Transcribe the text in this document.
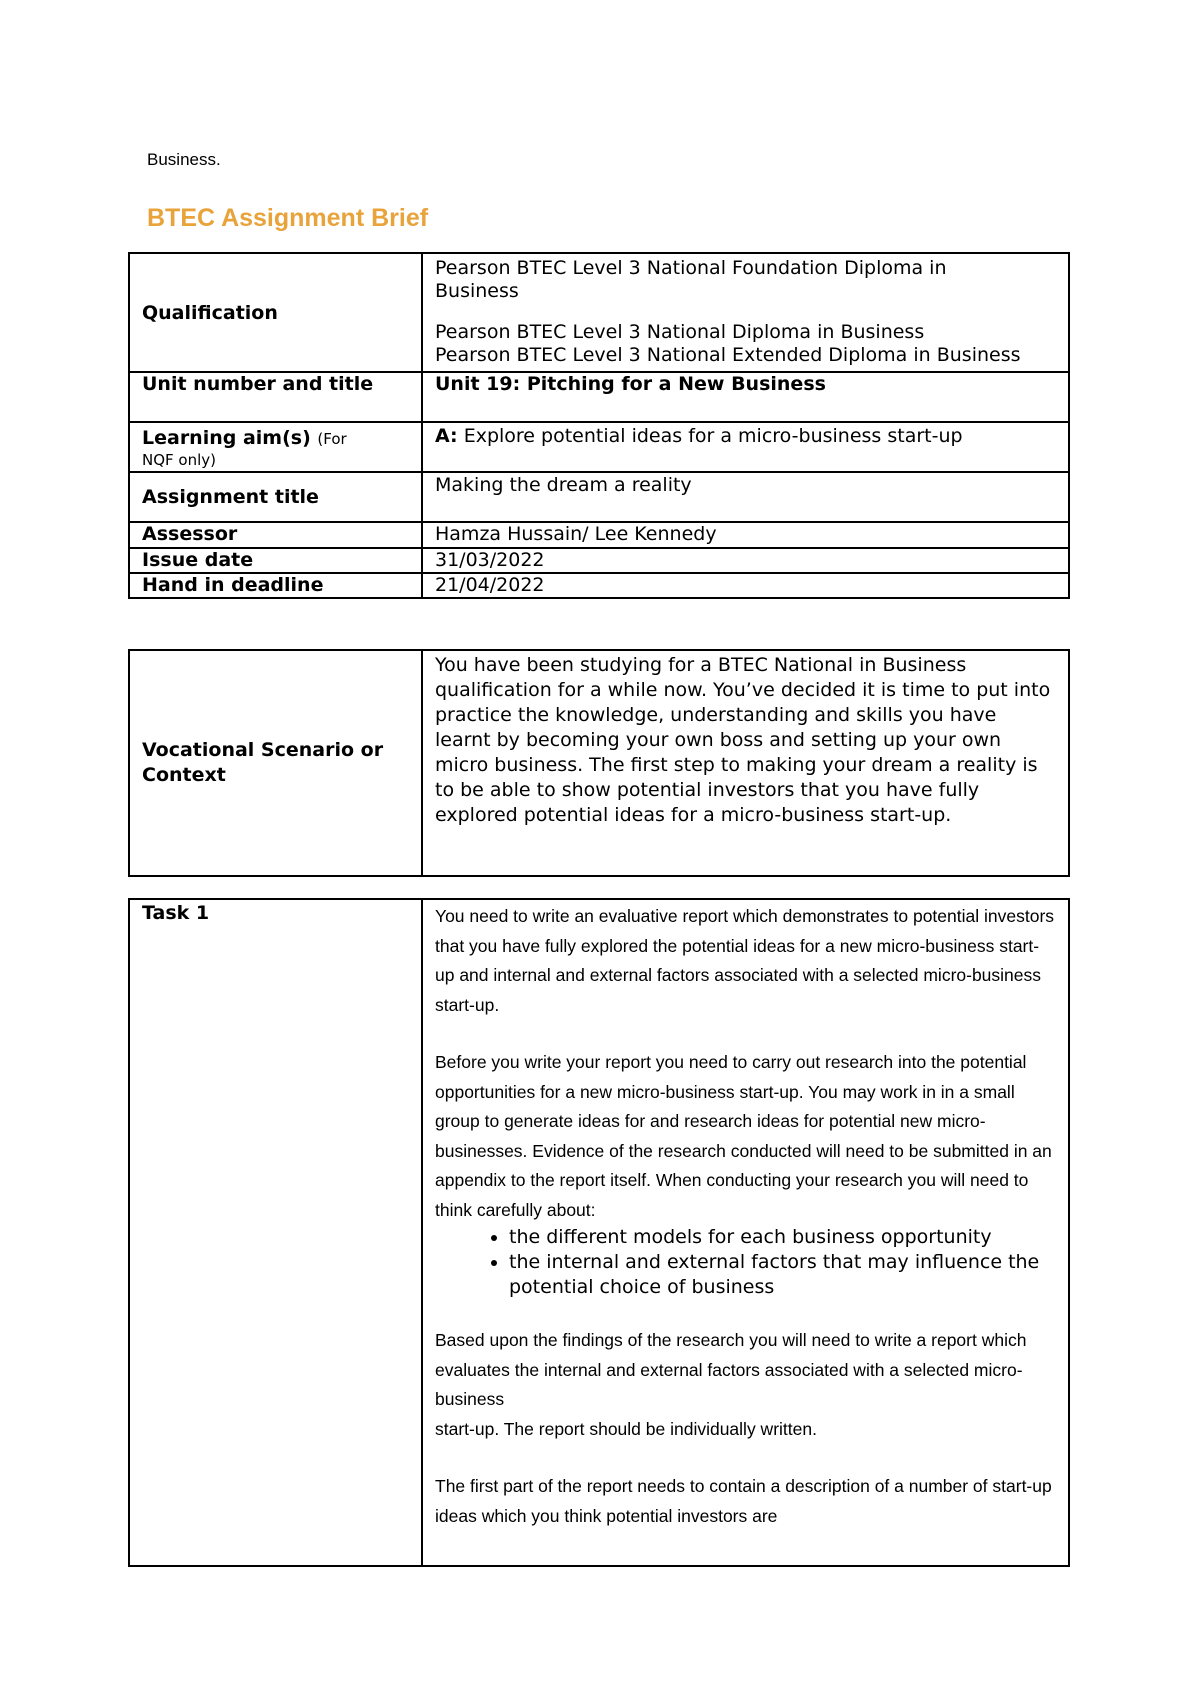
Business.
BTEC Assignment Brief
Qualification	Pearson BTEC Level 3 National Foundation Diploma in
Business
Pearson BTEC Level 3 National Diploma in Business
Pearson BTEC Level 3 National Extended Diploma in Business

Unit number and title	Unit 19: Pitching for a New Business

Learning aim(s) (For
NQF only)	A: Explore potential ideas for a micro-business start-up
Assignment title	Making the dream a reality
Assessor	Hamza Hussain/ Lee Kennedy
Issue date	31/03/2022
Hand in deadline	21/04/2022
Vocational Scenario or Context	You have been studying for a BTEC National in Business qualification for a while now. You’ve decided it is time to put into practice the knowledge, understanding and skills you have learnt by becoming your own boss and setting up your own micro business. The first step to making your dream a reality is to be able to show potential investors that you have fully explored potential ideas for a micro-business start-up.
Task 1	You need to write an evaluative report which demonstrates to potential investors that you have fully explored the potential ideas for a new micro-business start-up and internal and external factors associated with a selected micro-business start-up.

Before you write your report you need to carry out research into the potential opportunities for a new micro-business start-up. You may work in in a small group to generate ideas for and research ideas for potential new micro-businesses. Evidence of the research conducted will need to be submitted in an appendix to the report itself. When conducting your research you will need to think carefully about:

• the different models for each business opportunity
• the internal and external factors that may influence the potential choice of business

Based upon the findings of the research you will need to write a report which evaluates the internal and external factors associated with a selected micro-business

start-up. The report should be individually written.

The first part of the report needs to contain a description of a number of start-up ideas which you think potential investors are
